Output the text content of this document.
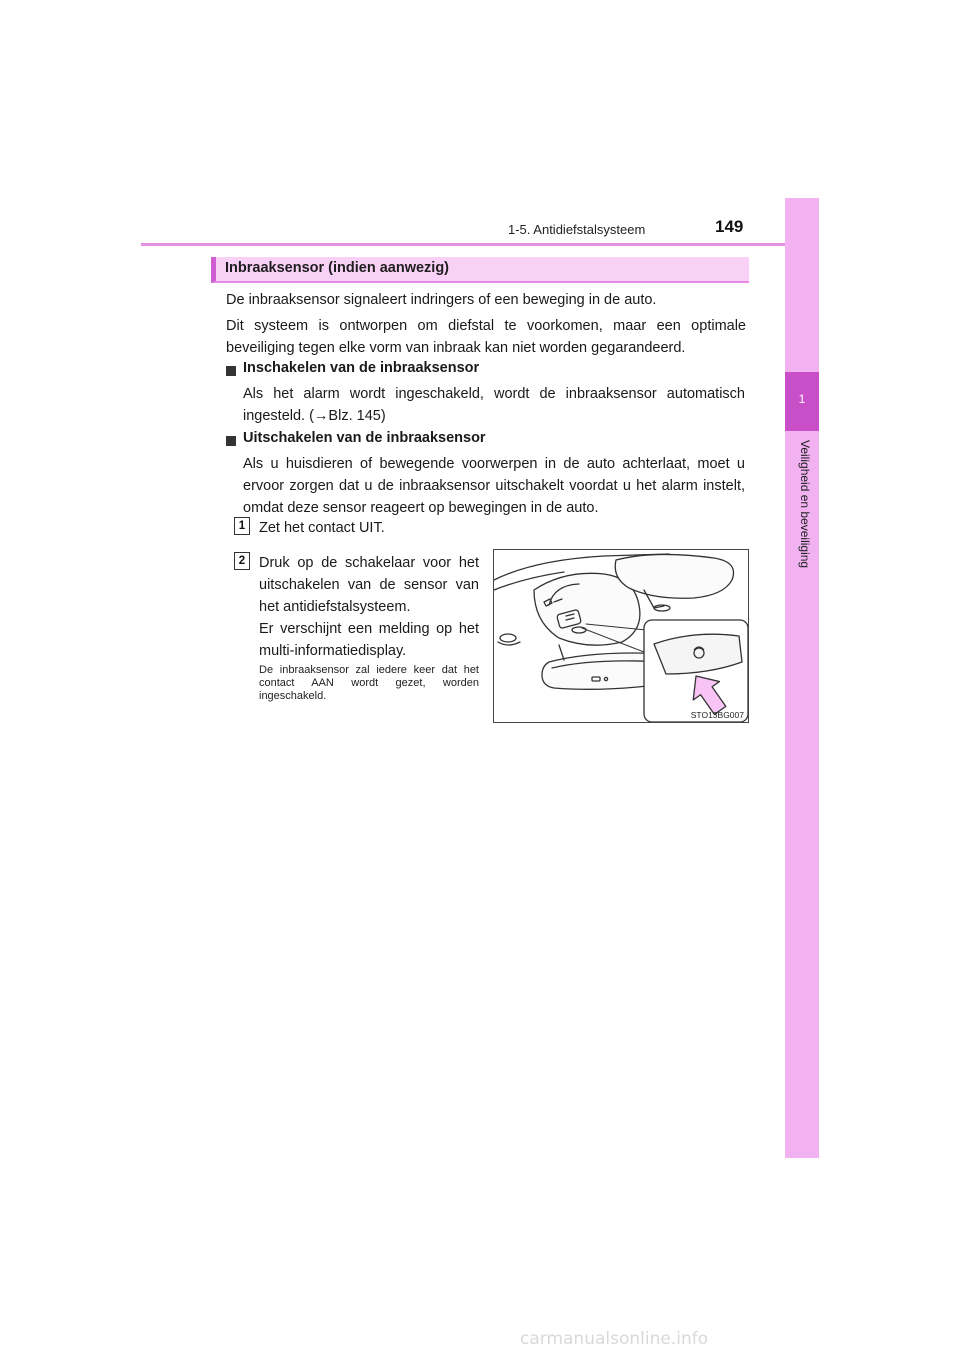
1-5. Antidiefstalsysteem	149
1
Veiligheid en beveiliging
Inbraaksensor (indien aanwezig)
De inbraaksensor signaleert indringers of een beweging in de auto.
Dit systeem is ontworpen om diefstal te voorkomen, maar een optimale beveiliging tegen elke vorm van inbraak kan niet worden gegarandeerd.
Inschakelen van de inbraaksensor
Als het alarm wordt ingeschakeld, wordt de inbraaksensor automatisch ingesteld. (→Blz. 145)
Uitschakelen van de inbraaksensor
Als u huisdieren of bewegende voorwerpen in de auto achterlaat, moet u ervoor zorgen dat u de inbraaksensor uitschakelt voordat u het alarm instelt, omdat deze sensor reageert op bewegingen in de auto.
1 Zet het contact UIT.
2 Druk op de schakelaar voor het uitschakelen van de sensor van het antidiefstalsysteem.
Er verschijnt een melding op het multi-informatiedisplay.
De inbraaksensor zal iedere keer dat het contact AAN wordt gezet, worden ingeschakeld.
STO13BG007
carmanualsonline.info
